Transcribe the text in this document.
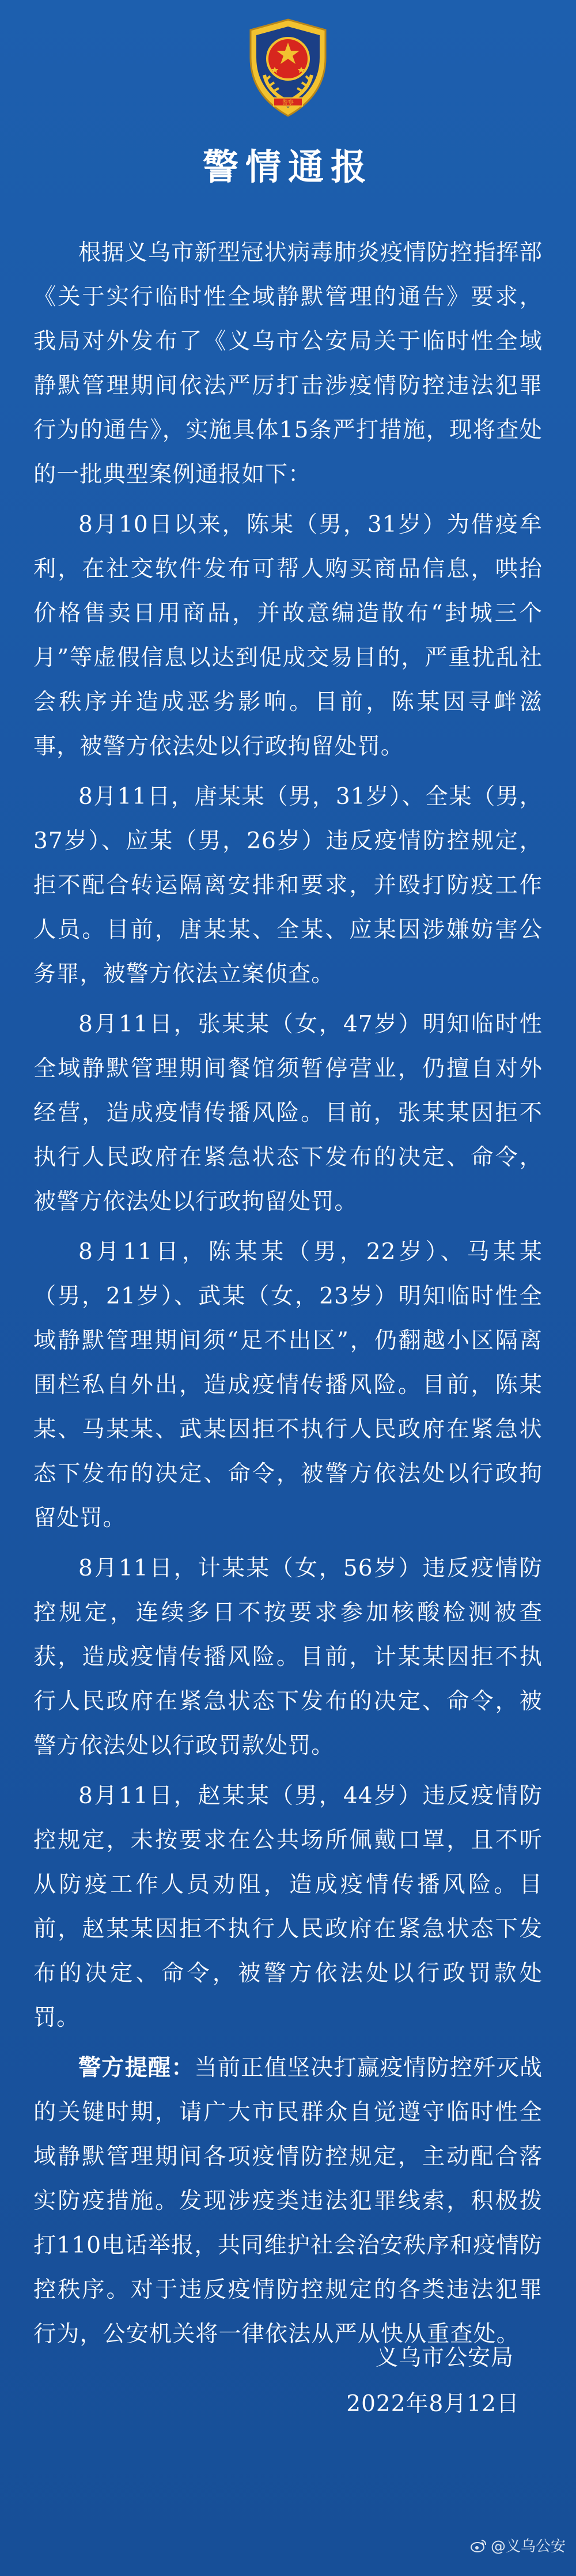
警察
警情通报

根据义乌市新型冠状病毒肺炎疫情防控指挥部《关于实行临时性全域静默管理的通告》要求，我局对外发布了《义乌市公安局关于临时性全域静默管理期间依法严厉打击涉疫情防控违法犯罪行为的通告》，实施具体15条严打措施，现将查处的一批典型案例通报如下：

8月10日以来，陈某（男，31岁）为借疫牟利，在社交软件发布可帮人购买商品信息，哄抬价格售卖日用商品，并故意编造散布“封城三个月”等虚假信息以达到促成交易目的，严重扰乱社会秩序并造成恶劣影响。目前，陈某因寻衅滋事，被警方依法处以行政拘留处罚。

8月11日，唐某某（男，31岁）、全某（男，37岁）、应某（男，26岁）违反疫情防控规定，拒不配合转运隔离安排和要求，并殴打防疫工作人员。目前，唐某某、全某、应某因涉嫌妨害公务罪，被警方依法立案侦查。

8月11日，张某某（女，47岁）明知临时性全域静默管理期间餐馆须暂停营业，仍擅自对外经营，造成疫情传播风险。目前，张某某因拒不执行人民政府在紧急状态下发布的决定、命令，被警方依法处以行政拘留处罚。

8月11日，陈某某（男，22岁）、马某某（男，21岁）、武某（女，23岁）明知临时性全域静默管理期间须“足不出区”，仍翻越小区隔离围栏私自外出，造成疫情传播风险。目前，陈某某、马某某、武某因拒不执行人民政府在紧急状态下发布的决定、命令，被警方依法处以行政拘留处罚。

8月11日，计某某（女，56岁）违反疫情防控规定，连续多日不按要求参加核酸检测被查获，造成疫情传播风险。目前，计某某因拒不执行人民政府在紧急状态下发布的决定、命令，被警方依法处以行政罚款处罚。

8月11日，赵某某（男，44岁）违反疫情防控规定，未按要求在公共场所佩戴口罩，且不听从防疫工作人员劝阻，造成疫情传播风险。目前，赵某某因拒不执行人民政府在紧急状态下发布的决定、命令，被警方依法处以行政罚款处罚。

警方提醒：当前正值坚决打赢疫情防控歼灭战的关键时期，请广大市民群众自觉遵守临时性全域静默管理期间各项疫情防控规定，主动配合落实防疫措施。发现涉疫类违法犯罪线索，积极拨打110电话举报，共同维护社会治安秩序和疫情防控秩序。对于违反疫情防控规定的各类违法犯罪行为，公安机关将一律依法从严从快从重查处。

义乌市公安局
2022年8月12日
@义乌公安
